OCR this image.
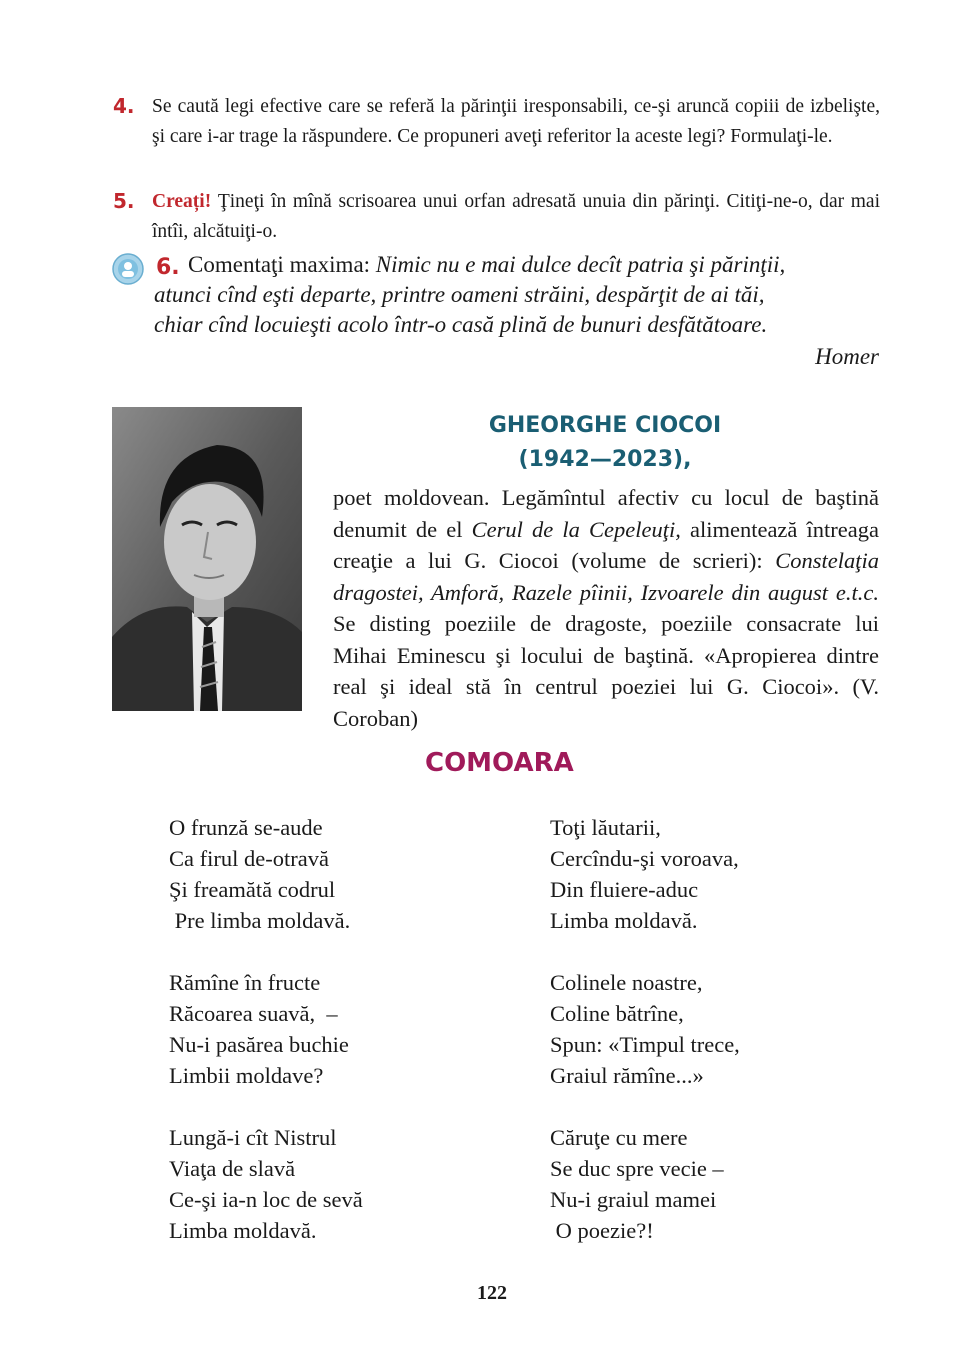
4. Se caută legi efective care se referă la părinţii iresponsabili, ce-şi aruncă copiii de izbelişte, şi care i-ar trage la răspundere. Ce propuneri aveţi referitor la aceste legi? Formulaţi-le.
5. Creați! Ţineţi în mînă scrisoarea unui orfan adresată unuia din părinţi. Citiţi-ne-o, dar mai întîi, alcătuiţi-o.
6. Comentaţi maxima: Nimic nu e mai dulce decît patria şi părinţii,
atunci cînd eşti departe, printre oameni străini, despărţit de ai tăi,
chiar cînd locuieşti acolo într-o casă plină de bunuri desfătătoare.
Homer
GHEORGHE CIOCOI
(1942—2023),
poet moldovean. Legămîntul afectiv cu locul de baştină denumit de el Cerul de la Cepeleuţi, alimentează întreaga creaţie a lui G. Ciocoi (volume de scrieri): Constelaţia dragostei, Amforă, Razele pîinii, Izvoarele din august e.t.c. Se disting poeziile de dragoste, poeziile consacrate lui Mihai Eminescu şi locului de baştină. «Apropierea dintre real şi ideal stă în centrul poeziei lui G. Ciocoi». (V. Coroban)
COMOARA
O frunză se-aude
Ca firul de-otravă
Şi freamătă codrul
Pre limba moldavă.
Rămîne în fructe
Răcoarea suavă,  –
Nu-i pasărea buchie
Limbii moldave?
Lungă-i cît Nistrul
Viaţa de slavă
Ce-şi ia-n loc de sevă
Limba moldavă.
Toţi lăutarii,
Cercîndu-şi voroava,
Din fluiere-aduc
Limba moldavă.
Colinele noastre,
Coline bătrîne,
Spun: «Timpul trece,
Graiul rămîne...»
Căruţe cu mere
Se duc spre vecie –
Nu-i graiul mamei
O poezie?!
122
